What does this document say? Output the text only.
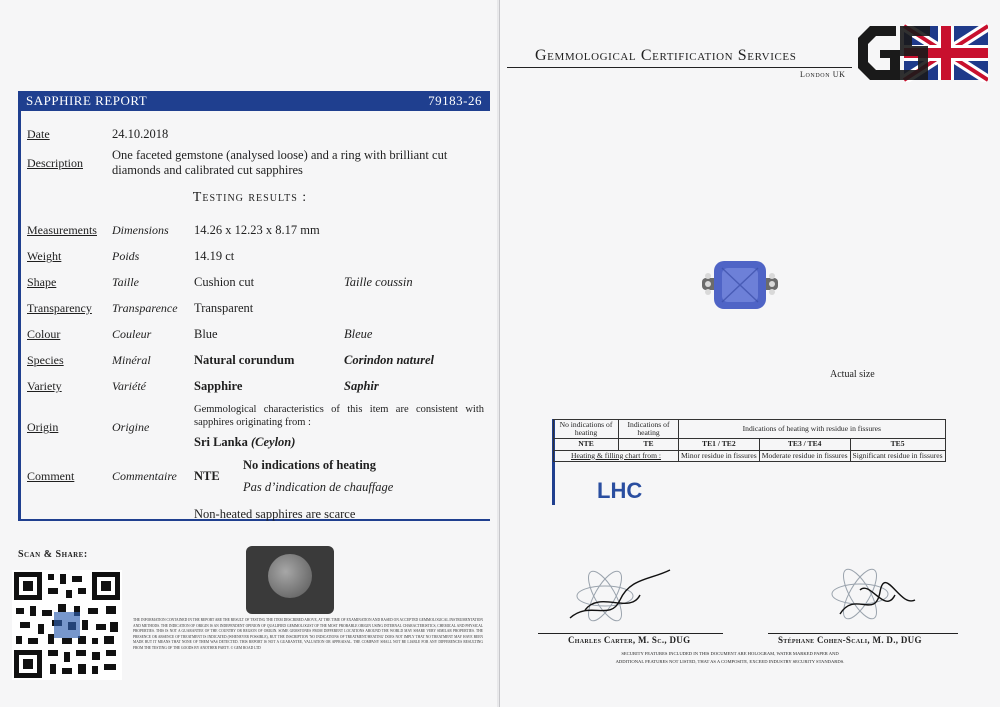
SAPPHIRE REPORT	79183-26
Date	24.10.2018
Description
One faceted gemstone (analysed loose) and a ring with brilliant cut diamonds and calibrated cut sapphires
Testing results :
Measurements Dimensions 14.26 x 12.23 x 8.17 mm
Weight	Poids	14.19 ct
Shape	Taille	Cushion cut	Taille coussin
Transparency Transparence Transparent
Colour	Couleur	Blue	Bleue
Species	Minéral	Natural corundum	Corindon naturel
Variety	Variété	Sapphire	Saphir
Origin	Origine
Gemmological characteristics of this item are consistent with sapphires originating from :
Sri Lanka (Ceylon)
Comment	Commentaire NTE
No indications of heating
Pas d’indication de chauffage
Non-heated sapphires are scarce
Scan & Share:
THE INFORMATION CONTAINED IN THE REPORT ARE THE RESULT OF TESTING THE ITEM DESCRIBED ABOVE, AT THE TIME OF EXAMINATION AND BASED ON ACCEPTED GEMMOLOGICAL INSTRUMENTATION AND METHODS. THE INDICATION OF ORIGIN IS AN INDEPENDENT OPINION OF QUALIFIED GEMMOLOGIST OF THE MOST PROBABLE ORIGIN USING INTERNAL CHARACTERISTICS, CHEMICAL AND PHYSICAL PROPERTIES. THIS IS NOT A GUARANTEE OF THE COUNTRY OR REGION OF ORIGIN. SOME GEMSTONES FROM DIFFERENT LOCATIONS AROUND THE WORLD MAY SHARE VERY SIMILAR PROPERTIES. THE PRESENCE OR ABSENCE OF TREATMENT IS INDICATED (WHENEVER POSSIBLE), BUT THE INSCRIPTION 'NO INDICATIONS OF TREATMENT/HEATING' DOES NOT IMPLY THAT NO TREATMENT MAY HAVE BEEN MADE BUT IT MEANS THAT NONE OF THEM WAS DETECTED. THIS REPORT IS NOT A GUARANTEE, VALUATION OR APPRAISAL. THE COMPANY SHALL NOT BE LIABLE FOR ANY DIFFERENCES RESULTING FROM THE TESTING OF THE GOODS BY ANOTHER PARTY. © GEM ROAD LTD
Gemmological Certification Services
London UK
Actual size
No indications of heating	Indications of heating	Indications of heating with residue in fissures		
NTE	TE	TE1 / TE2	TE3 / TE4	TE5
Heating & filling chart from :		Minor residue in fissures	Moderate residue in fissures	Significant residue in fissures
LHC
Charles Carter, M. Sc., DUG	Stéphane Cohen-Scali, M. D., DUG
SECURITY FEATURES INCLUDED IN THIS DOCUMENT ARE HOLOGRAM, WATER MARKED PAPER AND ADDITIONAL FEATURES NOT LISTED, THAT AS A COMPOSITE, EXCEED INDUSTRY SECURITY STANDARDS.
